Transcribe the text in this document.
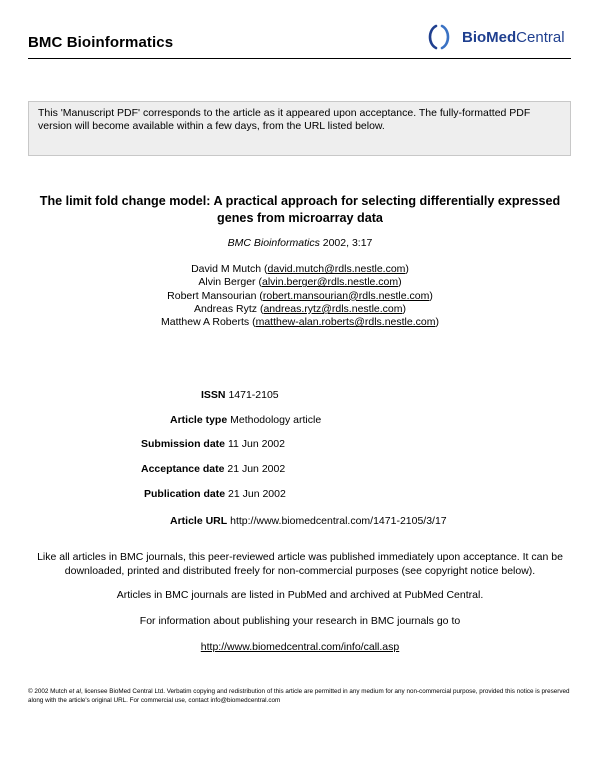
BMC Bioinformatics	BioMedCentral
This 'Manuscript PDF' corresponds to the article as it appeared upon acceptance. The fully-formatted PDF version will become available within a few days, from the URL listed below.
The limit fold change model: A practical approach for selecting differentially expressed genes from microarray data
BMC Bioinformatics 2002, 3:17
David M Mutch (david.mutch@rdls.nestle.com)
Alvin Berger (alvin.berger@rdls.nestle.com)
Robert Mansourian (robert.mansourian@rdls.nestle.com)
Andreas Rytz (andreas.rytz@rdls.nestle.com)
Matthew A Roberts (matthew-alan.roberts@rdls.nestle.com)
ISSN 1471-2105
Article type Methodology article
Submission date 11 Jun 2002
Acceptance date 21 Jun 2002
Publication date 21 Jun 2002
Article URL http://www.biomedcentral.com/1471-2105/3/17
Like all articles in BMC journals, this peer-reviewed article was published immediately upon acceptance. It can be downloaded, printed and distributed freely for non-commercial purposes (see copyright notice below).
Articles in BMC journals are listed in PubMed and archived at PubMed Central.
For information about publishing your research in BMC journals go to
http://www.biomedcentral.com/info/call.asp
© 2002 Mutch et al, licensee BioMed Central Ltd. Verbatim copying and redistribution of this article are permitted in any medium for any non-commercial purpose, provided this notice is preserved along with the article's original URL. For commercial use, contact info@biomedcentral.com
